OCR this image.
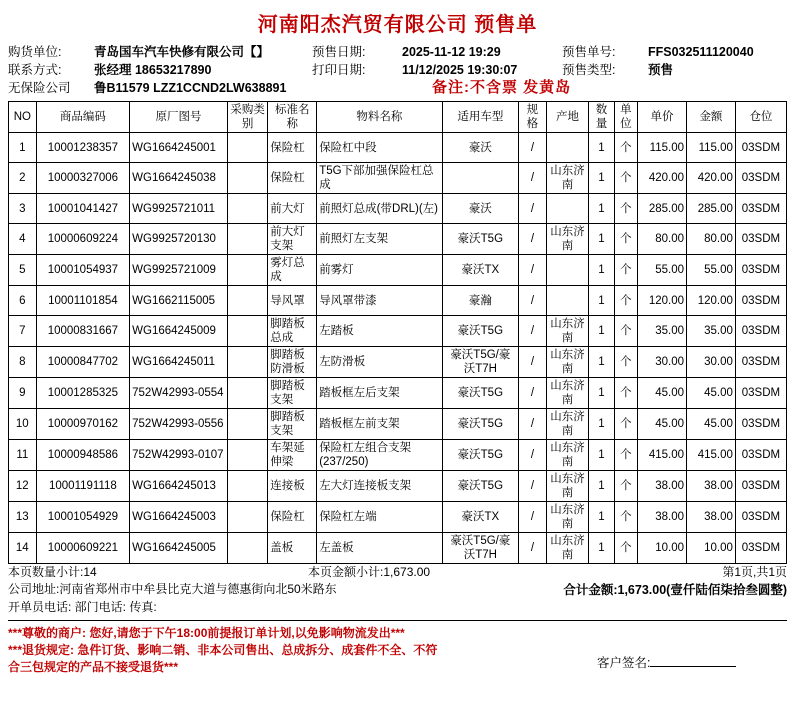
河南阳杰汽贸有限公司 预售单
购货单位:	青岛国车汽车快修有限公司【】	预售日期:	2025-11-12 19:29	预售单号:	FFS032511120040
联系方式:	张经理 18653217890	打印日期:	11/12/2025 19:30:07	预售类型:	预售
无保险公司	鲁B11579 LZZ1CCND2LW638891	备注:不含票 发黄岛
NO	商品编码	原厂图号	采购类别	标准名称	物料名称	适用车型	规格	产地	数量	单位	单价	金额	仓位
1	10001238357	WG1664245001		保险杠	保险杠中段	豪沃	/		1	个	115.00	115.00	03SDM
2	10000327006	WG1664245038		保险杠	T5G下部加强保险杠总成		/	山东济南	1	个	420.00	420.00	03SDM
3	10001041427	WG9925721011		前大灯	前照灯总成(带DRL)(左)	豪沃	/		1	个	285.00	285.00	03SDM
4	10000609224	WG9925720130		前大灯支架	前照灯左支架	豪沃T5G	/	山东济南	1	个	80.00	80.00	03SDM
5	10001054937	WG9925721009		雾灯总成	前雾灯	豪沃TX	/		1	个	55.00	55.00	03SDM
6	10001101854	WG1662115005		导风罩	导风罩带漆	豪瀚	/		1	个	120.00	120.00	03SDM
7	10000831667	WG1664245009		脚踏板总成	左踏板	豪沃T5G	/	山东济南	1	个	35.00	35.00	03SDM
8	10000847702	WG1664245011		脚踏板防滑板	左防滑板	豪沃T5G/豪沃T7H	/	山东济南	1	个	30.00	30.00	03SDM
9	10001285325	752W42993-0554		脚踏板支架	踏板框左后支架	豪沃T5G	/	山东济南	1	个	45.00	45.00	03SDM
10	10000970162	752W42993-0556		脚踏板支架	踏板框左前支架	豪沃T5G	/	山东济南	1	个	45.00	45.00	03SDM
11	10000948586	752W42993-0107		车架延伸梁	保险杠左组合支架(237/250)	豪沃T5G	/	山东济南	1	个	415.00	415.00	03SDM
12	10001191118	WG1664245013		连接板	左大灯连接板支架	豪沃T5G	/	山东济南	1	个	38.00	38.00	03SDM
13	10001054929	WG1664245003		保险杠	保险杠左端	豪沃TX	/	山东济南	1	个	38.00	38.00	03SDM
14	10000609221	WG1664245005		盖板	左盖板	豪沃T5G/豪沃T7H	/	山东济南	1	个	10.00	10.00	03SDM
本页数量小计:14	本页金额小计:1,673.00	第1页,共1页
公司地址:河南省郑州市中牟县比克大道与德惠街向北50米路东	合计金额:1,673.00(壹仟陆佰柒拾叁圆整)
开单员电话: 部门电话: 传真:
***尊敬的商户: 您好,请您于下午18:00前提报订单计划,以免影响物流发出***
***退货规定: 急件订货、影响二销、非本公司售出、总成拆分、成套件不全、不符
合三包规定的产品不接受退货***	客户签名:
